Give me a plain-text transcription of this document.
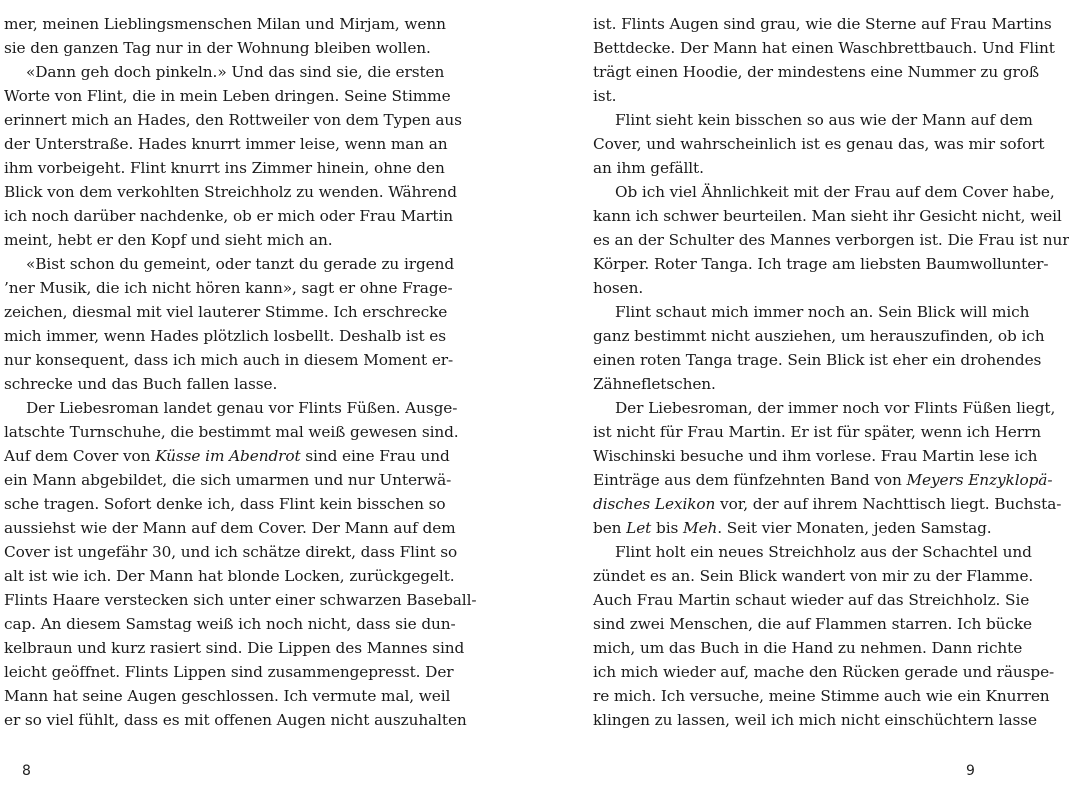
mer, meinen Lieblingsmenschen Milan und Mirjam, wenn
sie den ganzen Tag nur in der Wohnung bleiben wollen.
«Dann geh doch pinkeln.» Und das sind sie, die ersten
Worte von Flint, die in mein Leben dringen. Seine Stimme
erinnert mich an Hades, den Rottweiler von dem Typen aus
der Unterstraße. Hades knurrt immer leise, wenn man an
ihm vorbeigeht. Flint knurrt ins Zimmer hinein, ohne den
Blick von dem verkohlten Streichholz zu wenden. Während
ich noch darüber nachdenke, ob er mich oder Frau Martin
meint, hebt er den Kopf und sieht mich an.
«Bist schon du gemeint, oder tanzt du gerade zu irgend
’ner Musik, die ich nicht hören kann», sagt er ohne Frage-
zeichen, diesmal mit viel lauterer Stimme. Ich erschrecke
mich immer, wenn Hades plötzlich losbellt. Deshalb ist es
nur konsequent, dass ich mich auch in diesem Moment er-
schrecke und das Buch fallen lasse.
Der Liebesroman landet genau vor Flints Füßen. Ausge-
latschte Turnschuhe, die bestimmt mal weiß gewesen sind.
Auf dem Cover von Küsse im Abendrot sind eine Frau und
ein Mann abgebildet, die sich umarmen und nur Unterwä-
sche tragen. Sofort denke ich, dass Flint kein bisschen so
aussiehst wie der Mann auf dem Cover. Der Mann auf dem
Cover ist ungefähr 30, und ich schätze direkt, dass Flint so
alt ist wie ich. Der Mann hat blonde Locken, zurückgegelt.
Flints Haare verstecken sich unter einer schwarzen Baseball-
cap. An diesem Samstag weiß ich noch nicht, dass sie dun-
kelbraun und kurz rasiert sind. Die Lippen des Mannes sind
leicht geöffnet. Flints Lippen sind zusammengepresst. Der
Mann hat seine Augen geschlossen. Ich vermute mal, weil
er so viel fühlt, dass es mit offenen Augen nicht auszuhalten
ist. Flints Augen sind grau, wie die Sterne auf Frau Martins
Bettdecke. Der Mann hat einen Waschbrettbauch. Und Flint
trägt einen Hoodie, der mindestens eine Nummer zu groß
ist.
Flint sieht kein bisschen so aus wie der Mann auf dem
Cover, und wahrscheinlich ist es genau das, was mir sofort
an ihm gefällt.
Ob ich viel Ähnlichkeit mit der Frau auf dem Cover habe,
kann ich schwer beurteilen. Man sieht ihr Gesicht nicht, weil
es an der Schulter des Mannes verborgen ist. Die Frau ist nur
Körper. Roter Tanga. Ich trage am liebsten Baumwollunter-
hosen.
Flint schaut mich immer noch an. Sein Blick will mich
ganz bestimmt nicht ausziehen, um herauszufinden, ob ich
einen roten Tanga trage. Sein Blick ist eher ein drohendes
Zähnefletschen.
Der Liebesroman, der immer noch vor Flints Füßen liegt,
ist nicht für Frau Martin. Er ist für später, wenn ich Herrn
Wischinski besuche und ihm vorlese. Frau Martin lese ich
Einträge aus dem fünfzehnten Band von Meyers Enzyklopä-
disches Lexikon vor, der auf ihrem Nachttisch liegt. Buchsta-
ben Let bis Meh. Seit vier Monaten, jeden Samstag.
Flint holt ein neues Streichholz aus der Schachtel und
zündet es an. Sein Blick wandert von mir zu der Flamme.
Auch Frau Martin schaut wieder auf das Streichholz. Sie
sind zwei Menschen, die auf Flammen starren. Ich bücke
mich, um das Buch in die Hand zu nehmen. Dann richte
ich mich wieder auf, mache den Rücken gerade und räuspe-
re mich. Ich versuche, meine Stimme auch wie ein Knurren
klingen zu lassen, weil ich mich nicht einschüchtern lasse
8	9
